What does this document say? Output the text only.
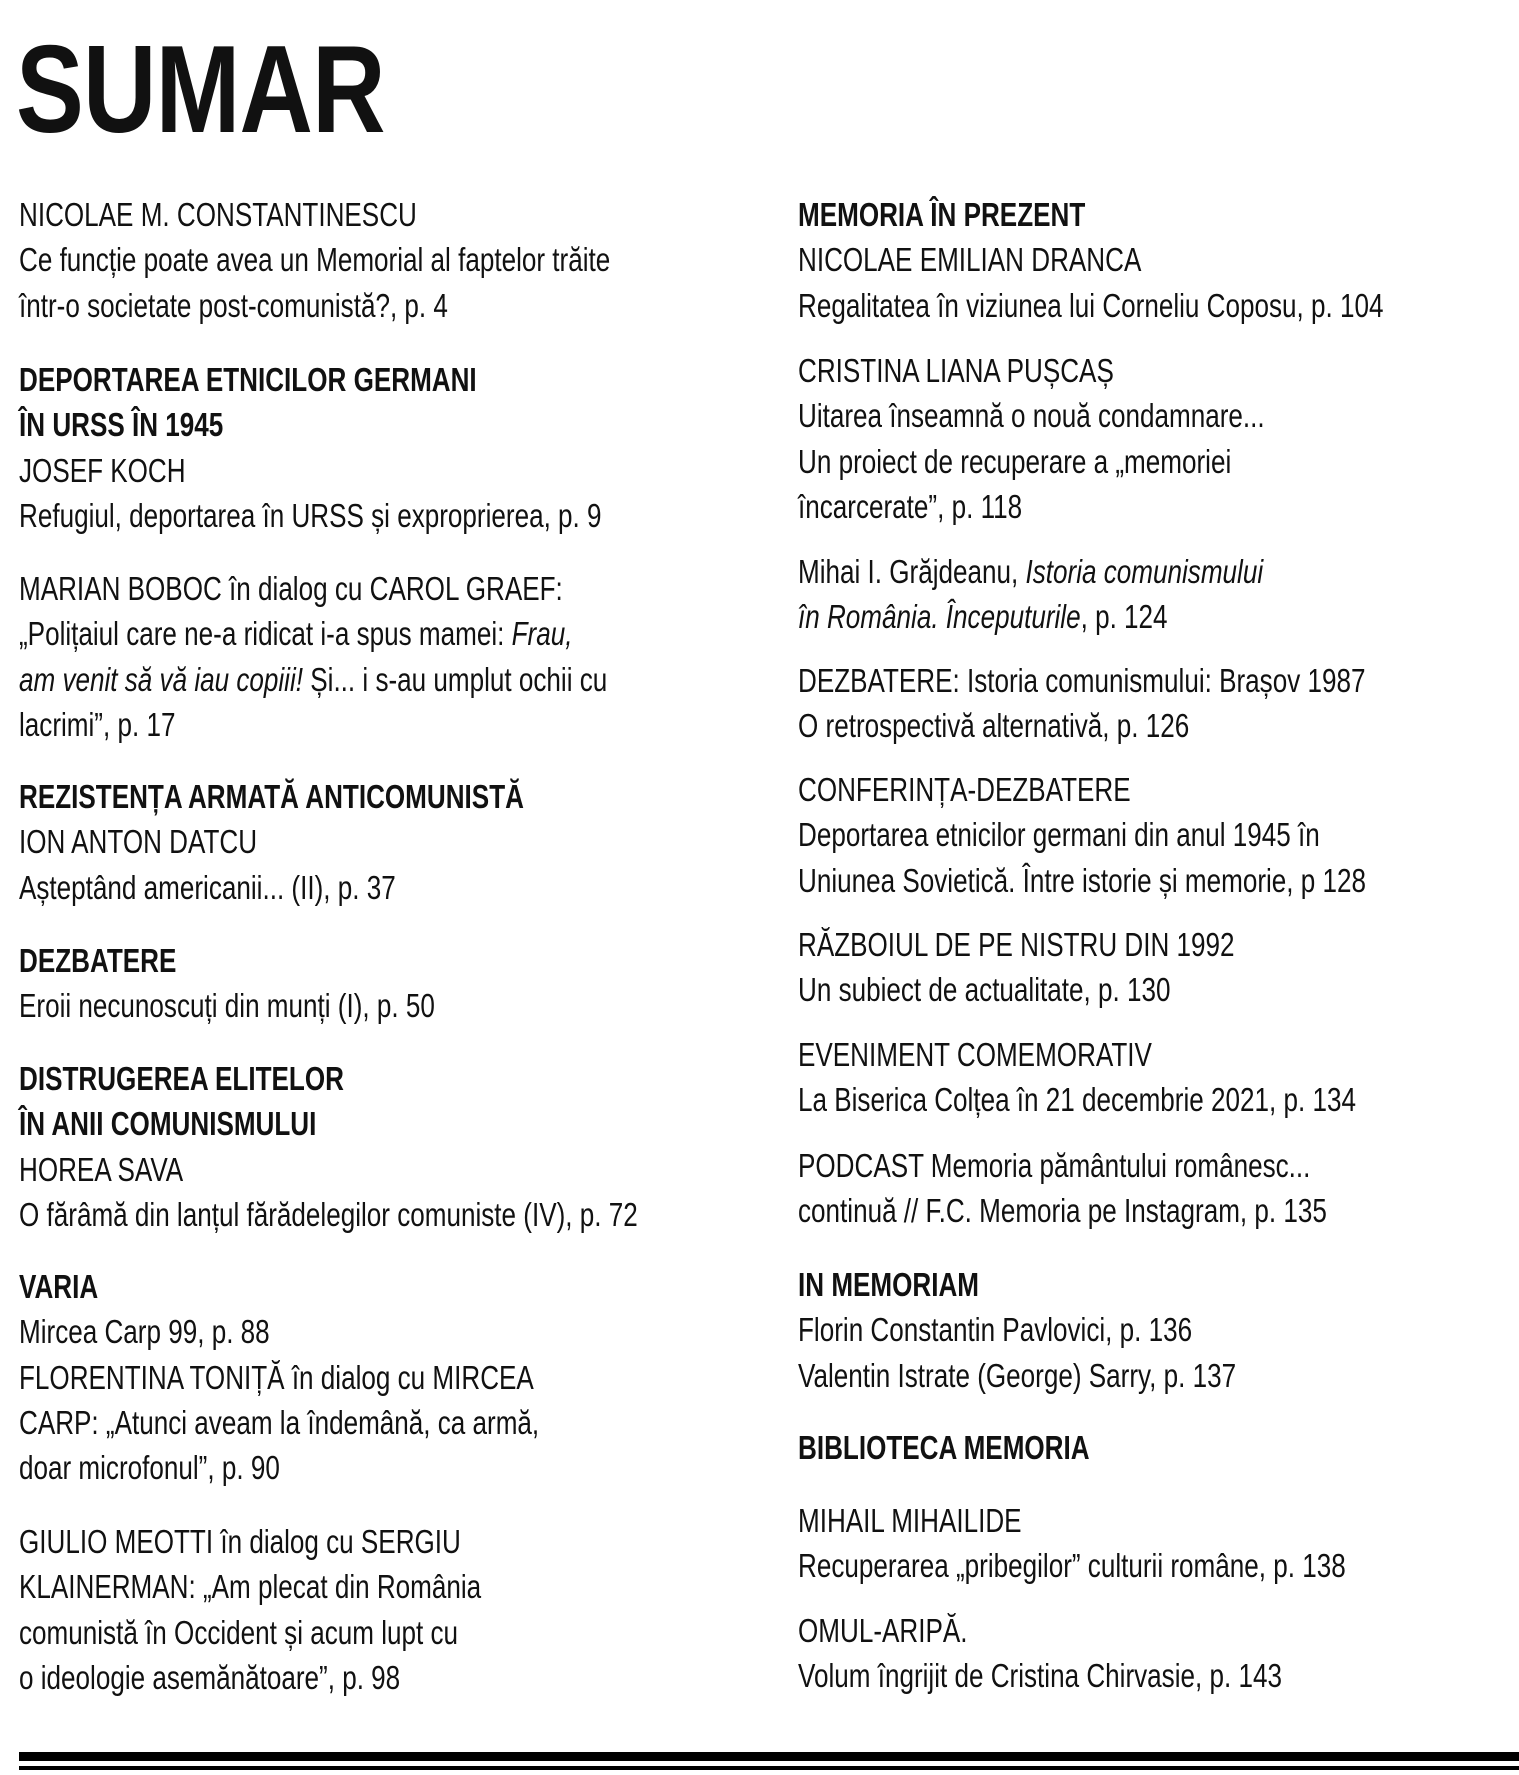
SUMAR
NICOLAE M. CONSTANTINESCU
Ce funcție poate avea un Memorial al faptelor trăite
într-o societate post-comunistă?, p. 4
DEPORTAREA ETNICILOR GERMANI
ÎN URSS ÎN 1945
JOSEF KOCH
Refugiul, deportarea în URSS și exproprierea, p. 9
MARIAN BOBOC în dialog cu CAROL GRAEF:
„Polițaiul care ne-a ridicat i-a spus mamei: Frau,
am venit să vă iau copiii! Și... i s-au umplut ochii cu
lacrimi”, p. 17
REZISTENȚA ARMATĂ ANTICOMUNISTĂ
ION ANTON DATCU
Așteptând americanii... (II), p. 37
DEZBATERE
Eroii necunoscuți din munți (I), p. 50
DISTRUGEREA ELITELOR
ÎN ANII COMUNISMULUI
HOREA SAVA
O fărâmă din lanțul fărădelegilor comuniste (IV), p. 72
VARIA
Mircea Carp 99, p. 88
FLORENTINA TONIȚĂ în dialog cu MIRCEA
CARP: „Atunci aveam la îndemână, ca armă,
doar microfonul”, p. 90
GIULIO MEOTTI în dialog cu SERGIU
KLAINERMAN: „Am plecat din România
comunistă în Occident și acum lupt cu
o ideologie asemănătoare”, p. 98
MEMORIA ÎN PREZENT
NICOLAE EMILIAN DRANCA
Regalitatea în viziunea lui Corneliu Coposu, p. 104
CRISTINA LIANA PUȘCAȘ
Uitarea înseamnă o nouă condamnare...
Un proiect de recuperare a „memoriei
încarcerate”, p. 118
Mihai I. Grăjdeanu, Istoria comunismului
în România. Începuturile, p. 124
DEZBATERE: Istoria comunismului: Brașov 1987
O retrospectivă alternativă, p. 126
CONFERINȚA-DEZBATERE
Deportarea etnicilor germani din anul 1945 în
Uniunea Sovietică. Între istorie și memorie, p 128
RĂZBOIUL DE PE NISTRU DIN 1992
Un subiect de actualitate, p. 130
EVENIMENT COMEMORATIV
La Biserica Colțea în 21 decembrie 2021, p. 134
PODCAST Memoria pământului românesc...
continuă // F.C. Memoria pe Instagram, p. 135
IN MEMORIAM
Florin Constantin Pavlovici, p. 136
Valentin Istrate (George) Sarry, p. 137
BIBLIOTECA MEMORIA
MIHAIL MIHAILIDE
Recuperarea „pribegilor” culturii române, p. 138
OMUL-ARIPĂ.
Volum îngrijit de Cristina Chirvasie, p. 143
